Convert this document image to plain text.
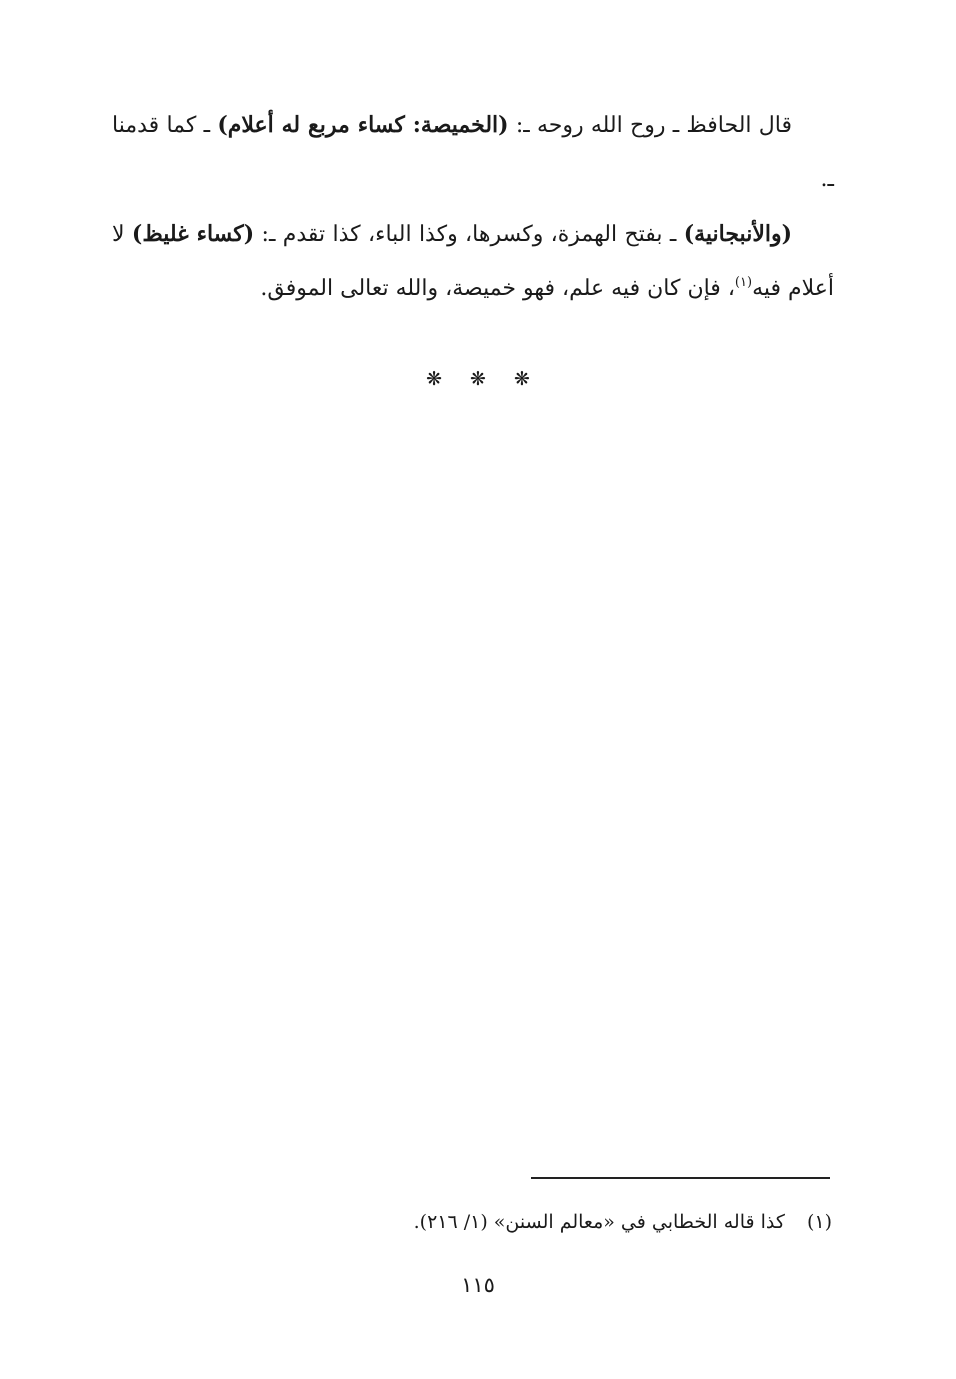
قال الحافظ ـ روح الله روحه ـ: (الخميصة: كساء مربع له أعلام) ـ كما قدمنا ـ.

(والأنبجانية) ـ بفتح الهمزة، وكسرها، وكذا الباء، كذا تقدم ـ: (كساء غليظ) لا أعلام فيه$^{(١)}$، فإن كان فيه علم، فهو خميصة، والله تعالى الموفق.

❋ ❋ ❋
(١)كذا قاله الخطابي في «معالم السنن» (١/ ٢١٦).
١١٥
